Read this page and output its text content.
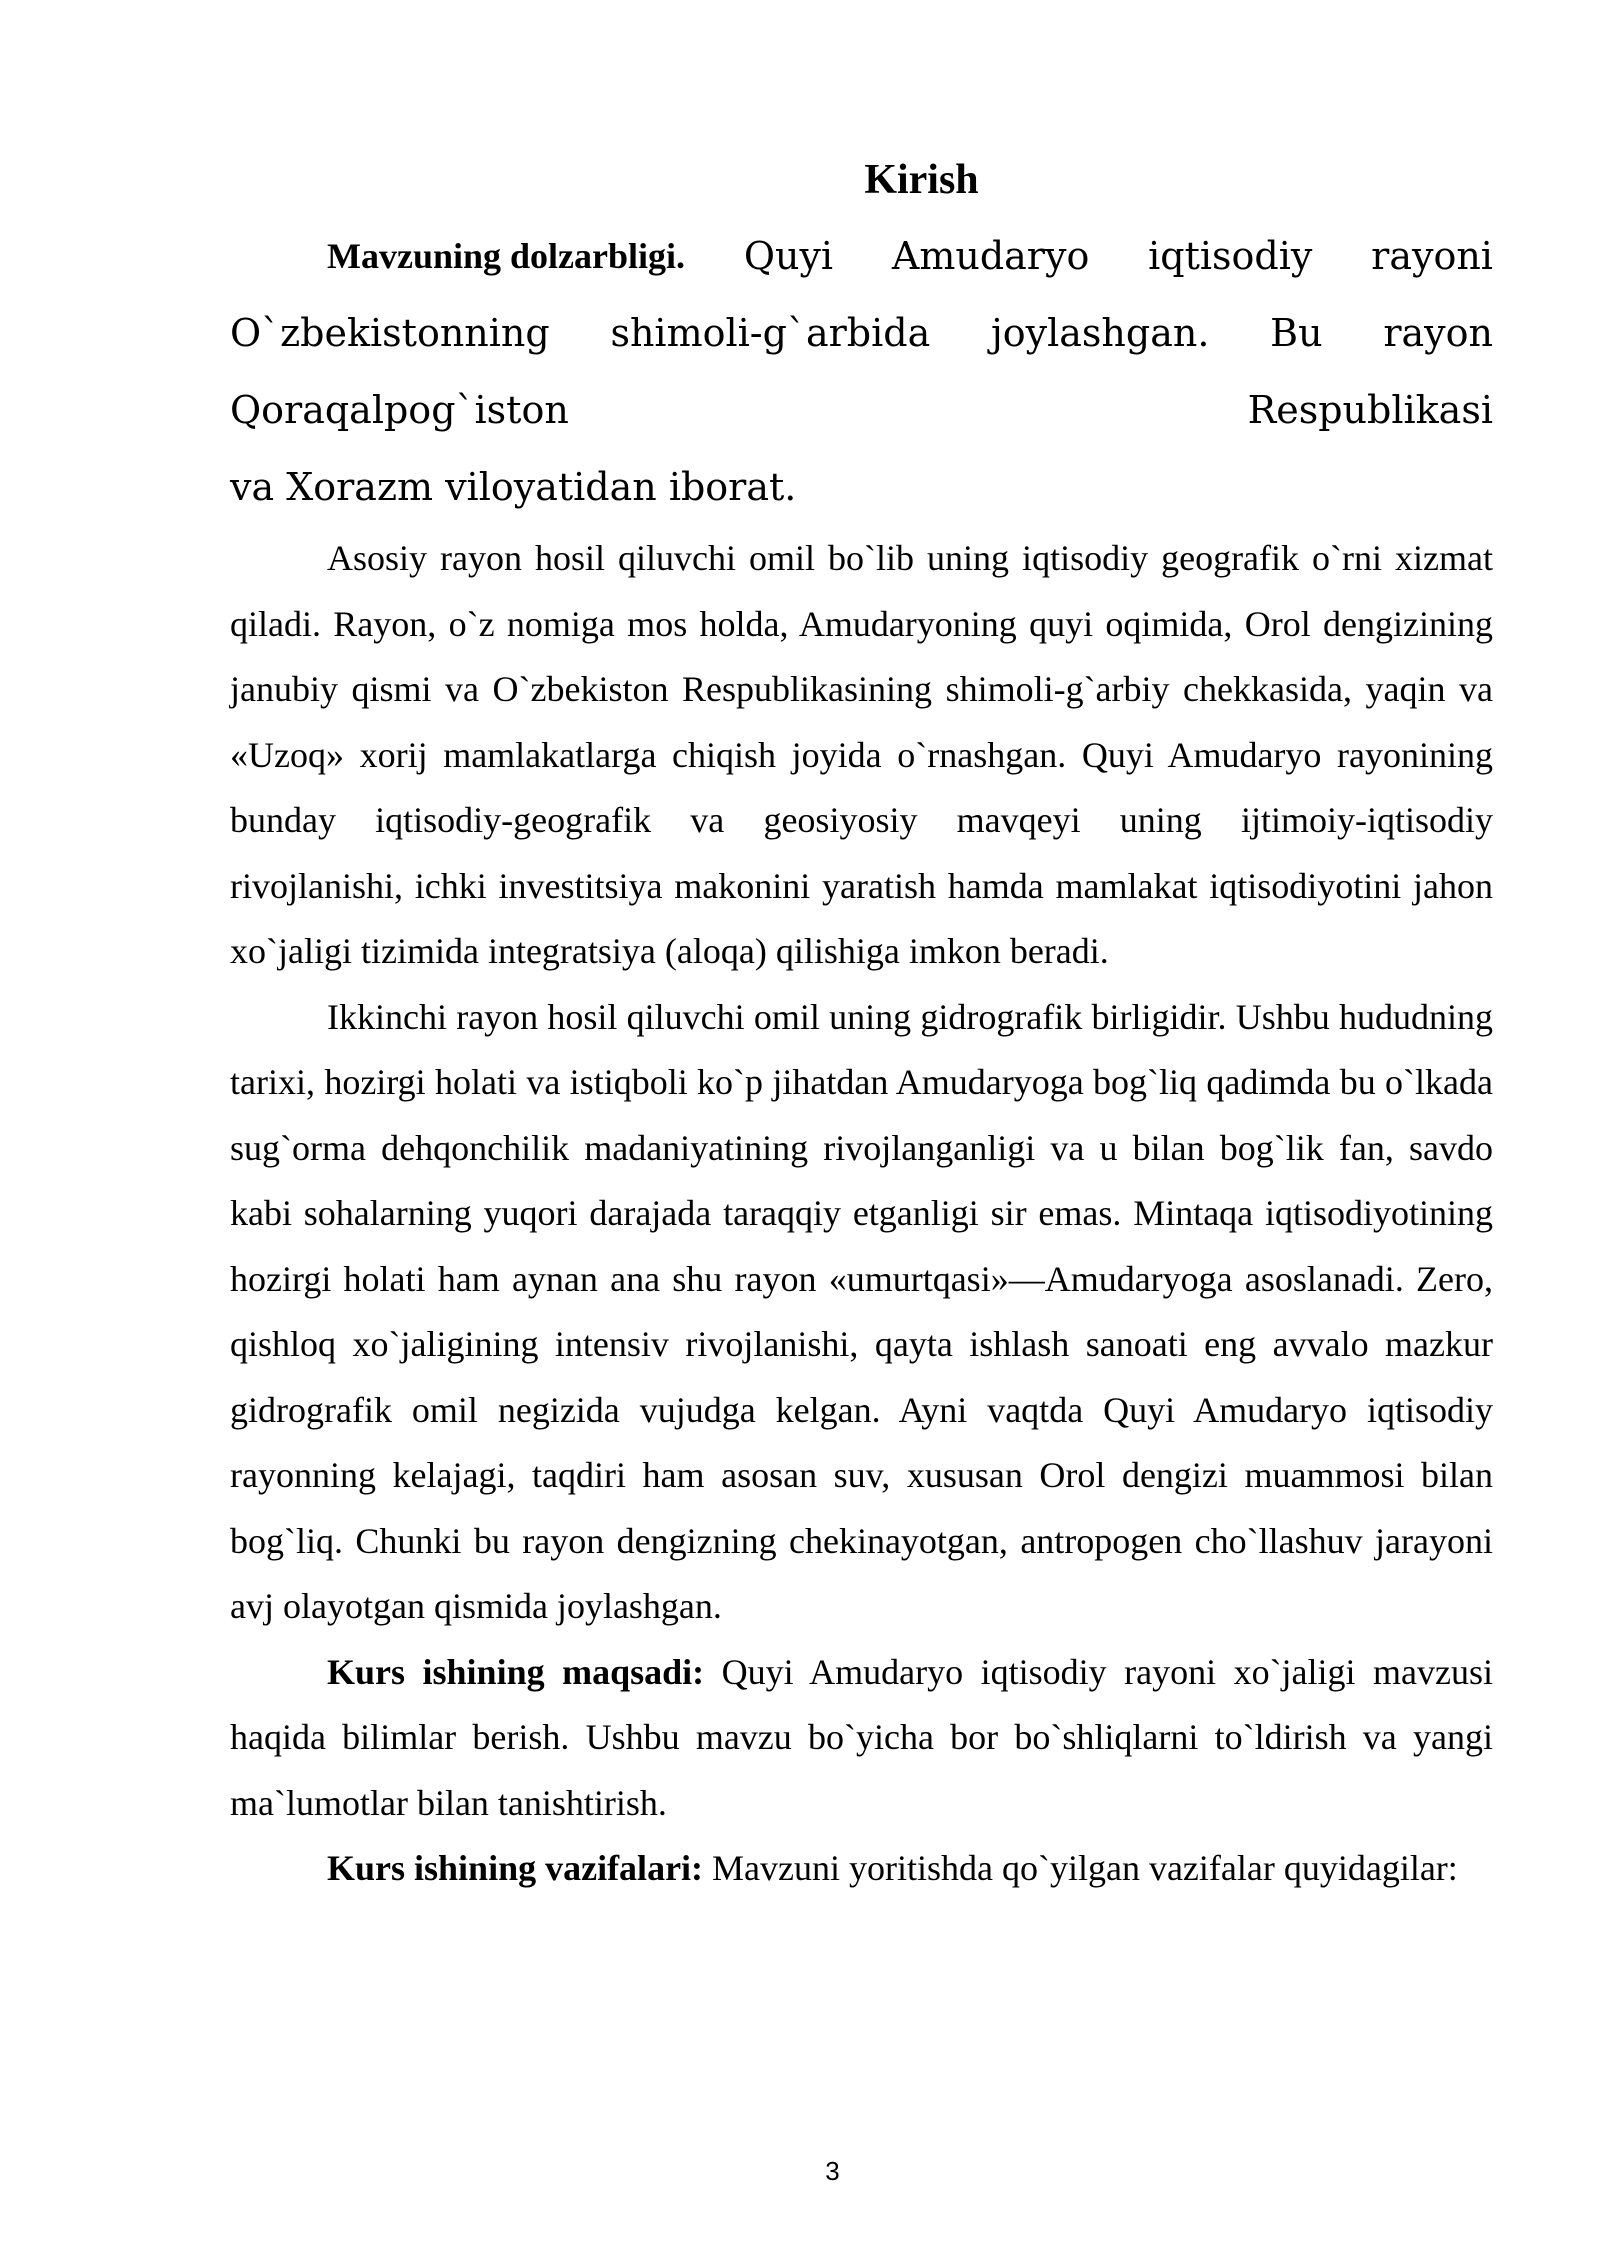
Kirish
Mavzuning dolzarbligi. Quyi Amudaryo iqtisodiy rayoni
O`zbekistonning shimoli-g`arbida joylashgan. Bu rayon
Qoraqalpog`iston	Respublikasi
va Xorazm viloyatidan iborat.

Asosiy rayon hosil qiluvchi omil bo`lib uning iqtisodiy geografik o`rni xizmat qiladi. Rayon, o`z nomiga mos holda, Amudaryoning quyi oqimida, Orol dengizining janubiy qismi va O`zbekiston Respublikasining shimoli-g`arbiy chekkasida, yaqin va «Uzoq» xorij mamlakatlarga chiqish joyida o`rnashgan. Quyi Amudaryo rayonining bunday iqtisodiy-geografik va geosiyosiy mavqeyi uning ijtimoiy-iqtisodiy rivojlanishi, ichki investitsiya makonini yaratish hamda mamlakat iqtisodiyotini jahon xo`jaligi tizimida integratsiya (aloqa) qilishiga imkon beradi.

Ikkinchi rayon hosil qiluvchi omil uning gidrografik birligidir. Ushbu hududning tarixi, hozirgi holati va istiqboli ko`p jihatdan Amudaryoga bog`liq qadimda bu o`lkada sug`orma dehqonchilik madaniyatining rivojlanganligi va u bilan bog`lik fan, savdo kabi sohalarning yuqori darajada taraqqiy etganligi sir emas. Mintaqa iqtisodiyotining hozirgi holati ham aynan ana shu rayon «umurtqasi»—Amudaryoga asoslanadi. Zero, qishloq xo`jaligining intensiv rivojlanishi, qayta ishlash sanoati eng avvalo mazkur gidrografik omil negizida vujudga kelgan. Ayni vaqtda Quyi Amudaryo iqtisodiy rayonning kelajagi, taqdiri ham asosan suv, xususan Orol dengizi muammosi bilan bog`liq. Chunki bu rayon dengizning chekinayotgan, antropogen cho`llashuv jarayoni avj olayotgan qismida joylashgan.

Kurs ishining maqsadi: Quyi Amudaryo iqtisodiy rayoni xo`jaligi mavzusi haqida bilimlar berish. Ushbu mavzu bo`yicha bor bo`shliqlarni to`ldirish va yangi ma`lumotlar bilan tanishtirish.

Kurs ishining vazifalari: Mavzuni yoritishda qo`yilgan vazifalar quyidagilar:

3
